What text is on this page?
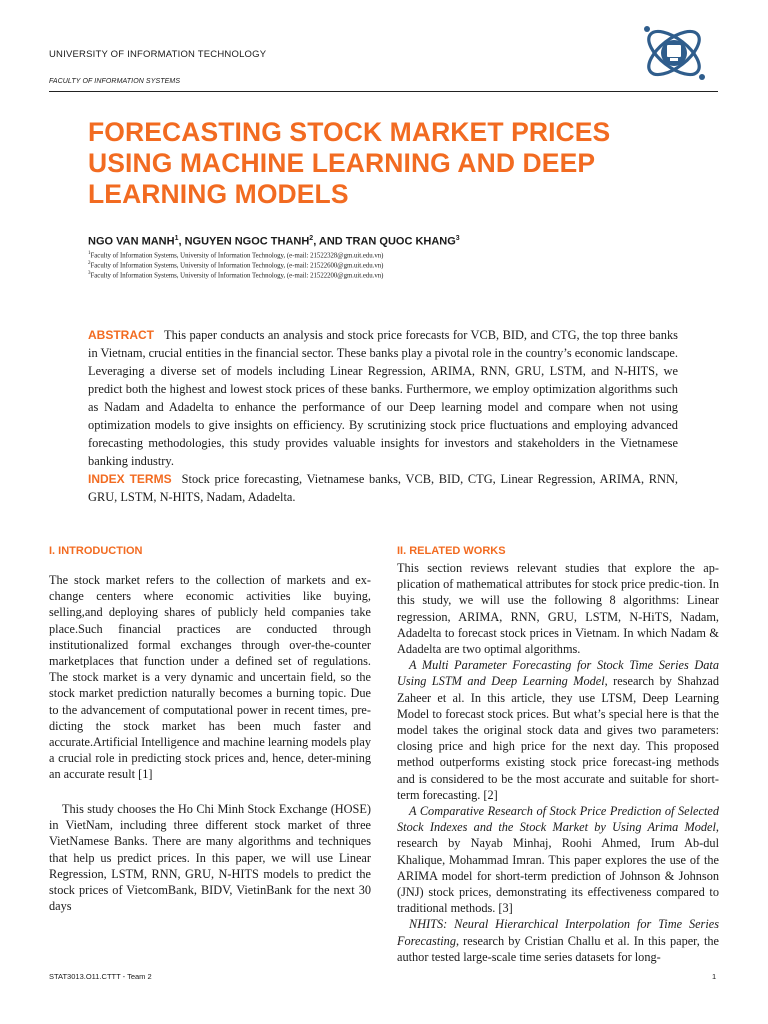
UNIVERSITY OF INFORMATION TECHNOLOGY
FACULTY OF INFORMATION SYSTEMS
FORECASTING STOCK MARKET PRICES USING MACHINE LEARNING AND DEEP LEARNING MODELS
NGO VAN MANH$^1$, NGUYEN NGOC THANH$^2$, AND TRAN QUOC KHANG$^3$
$^1$Faculty of Information Systems, University of Information Technology, (e-mail: 21522328@gm.uit.edu.vn)
$^2$Faculty of Information Systems, University of Information Technology, (e-mail: 21522600@gm.uit.edu.vn)
$^3$Faculty of Information Systems, University of Information Technology, (e-mail: 21522200@gm.uit.edu.vn)
ABSTRACT This paper conducts an analysis and stock price forecasts for VCB, BID, and CTG, the top three banks in Vietnam, crucial entities in the financial sector. These banks play a pivotal role in the country’s economic landscape. Leveraging a diverse set of models including Linear Regression, ARIMA, RNN, GRU, LSTM, and N-HITS, we predict both the highest and lowest stock prices of these banks. Furthermore, we employ optimization algorithms such as Nadam and Adadelta to enhance the performance of our Deep learning model and compare when not using optimization models to give insights on efficiency. By scrutinizing stock price fluctuations and employing advanced forecasting methodologies, this study provides valuable insights for investors and stakeholders in the Vietnamese banking industry.
INDEX TERMS Stock price forecasting, Vietnamese banks, VCB, BID, CTG, Linear Regression, ARIMA, RNN, GRU, LSTM, N-HITS, Nadam, Adadelta.
I. INTRODUCTION
The stock market refers to the collection of markets and ex-change centers where economic activities like buying, selling,and deploying shares of publicly held companies take place.Such financial practices are conducted through institutionalized formal exchanges through over-the-counter marketplaces that function under a defined set of regulations. The stock market is a very dynamic and uncertain field, so the stock market prediction naturally becomes a burning topic. Due to the advancement of computational power in recent times, pre-dicting the stock market has been much faster and accurate.Artificial Intelligence and machine learning models play a crucial role in predicting stock prices and, hence, deter-mining an accurate result [1]
This study chooses the Ho Chi Minh Stock Exchange (HOSE) in VietNam, including three different stock market of three VietNamese Banks. There are many algorithms and techniques that help us predict prices. In this paper, we will use Linear Regression, LSTM, RNN, GRU, N-HITS models to predict the stock prices of VietcomBank, BIDV, VietinBank for the next 30 days
II. RELATED WORKS

This section reviews relevant studies that explore the ap-plication of mathematical attributes for stock price predic-tion. In this study, we will use the following 8 algorithms: Linear regression, ARIMA, RNN, GRU, LSTM, N-HiTS, Nadam, Adadelta to forecast stock prices in Vietnam. In which Nadam & Adadelta are two optimal algorithms.

A Multi Parameter Forecasting for Stock Time Series Data Using LSTM and Deep Learning Model, research by Shahzad Zaheer et al. In this article, they use LTSM, Deep Learning Model to forecast stock prices. But what’s special here is that the model takes the original stock data and gives two parameters: closing price and high price for the next day. This proposed method outperforms existing stock price forecast-ing methods and is considered to be the most accurate and suitable for short-term forecasting. [2]

A Comparative Research of Stock Price Prediction of Selected Stock Indexes and the Stock Market by Using Arima Model, research by Nayab Minhaj, Roohi Ahmed, Irum Ab-dul Khalique, Mohammad Imran. This paper explores the use of the ARIMA model for short-term prediction of Johnson & Johnson (JNJ) stock prices, demonstrating its effectiveness compared to traditional methods. [3]

NHITS: Neural Hierarchical Interpolation for Time Series Forecasting, research by Cristian Challu et al. In this paper, the author tested large-scale time series datasets for long-

STAT3013.O11.CTTT - Team 2	1
